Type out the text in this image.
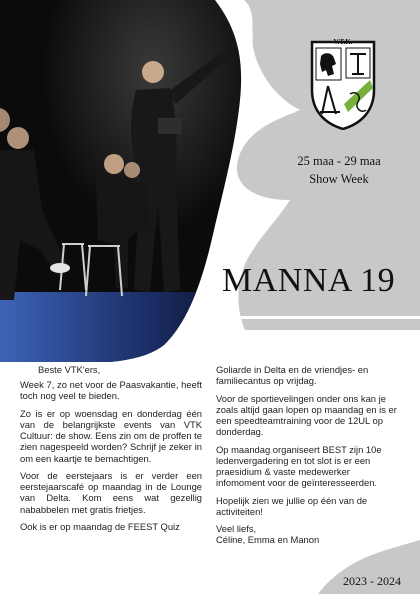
V.T.K.
25 maa - 29 maa
Show Week
MANNA 19

Beste VTK'ers,

Week 7, zo net voor de Paasvakantie, heeft toch nog veel te bieden.

Zo is er op woensdag en donderdag één van de belangrijkste events van VTK Cultuur: de show. Eens zin om de proffen te zien nagespeeld worden? Schrijf je zeker in om een kaartje te bemachtigen.

Voor de eerstejaars is er verder een eerstejaarscafé op maandag in de Lounge van Delta. Kom eens wat gezellig nababbelen met gratis frietjes.

Ook is er op maandag de FEEST Quiz

Goliarde in Delta en de vriendjes- en familiecantus op vrijdag.

Voor de sportievelingen onder ons kan je zoals altijd gaan lopen op maandag en is er een speedteamtraining voor de 12UL op donderdag.

Op maandag organiseert BEST zijn 10e ledenvergadering en tot slot is er een praesidium & vaste medewerker infomoment voor de geïnteresseerden.

Hopelijk zien we jullie op één van de activiteiten!

Veel liefs,
Céline, Emma en Manon

2023 - 2024
